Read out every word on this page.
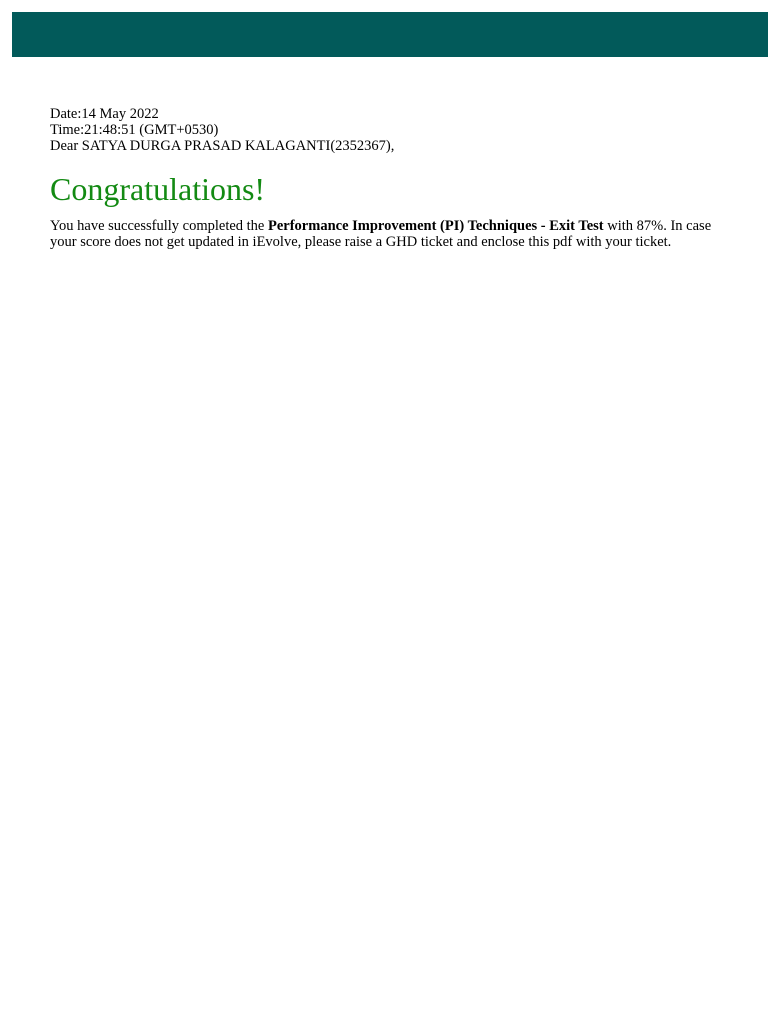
Date:14 May 2022
Time:21:48:51 (GMT+0530)
Dear SATYA DURGA PRASAD KALAGANTI(2352367),
Congratulations!
You have successfully completed the Performance Improvement (PI) Techniques - Exit Test with 87%. In case your score does not get updated in iEvolve, please raise a GHD ticket and enclose this pdf with your ticket.
